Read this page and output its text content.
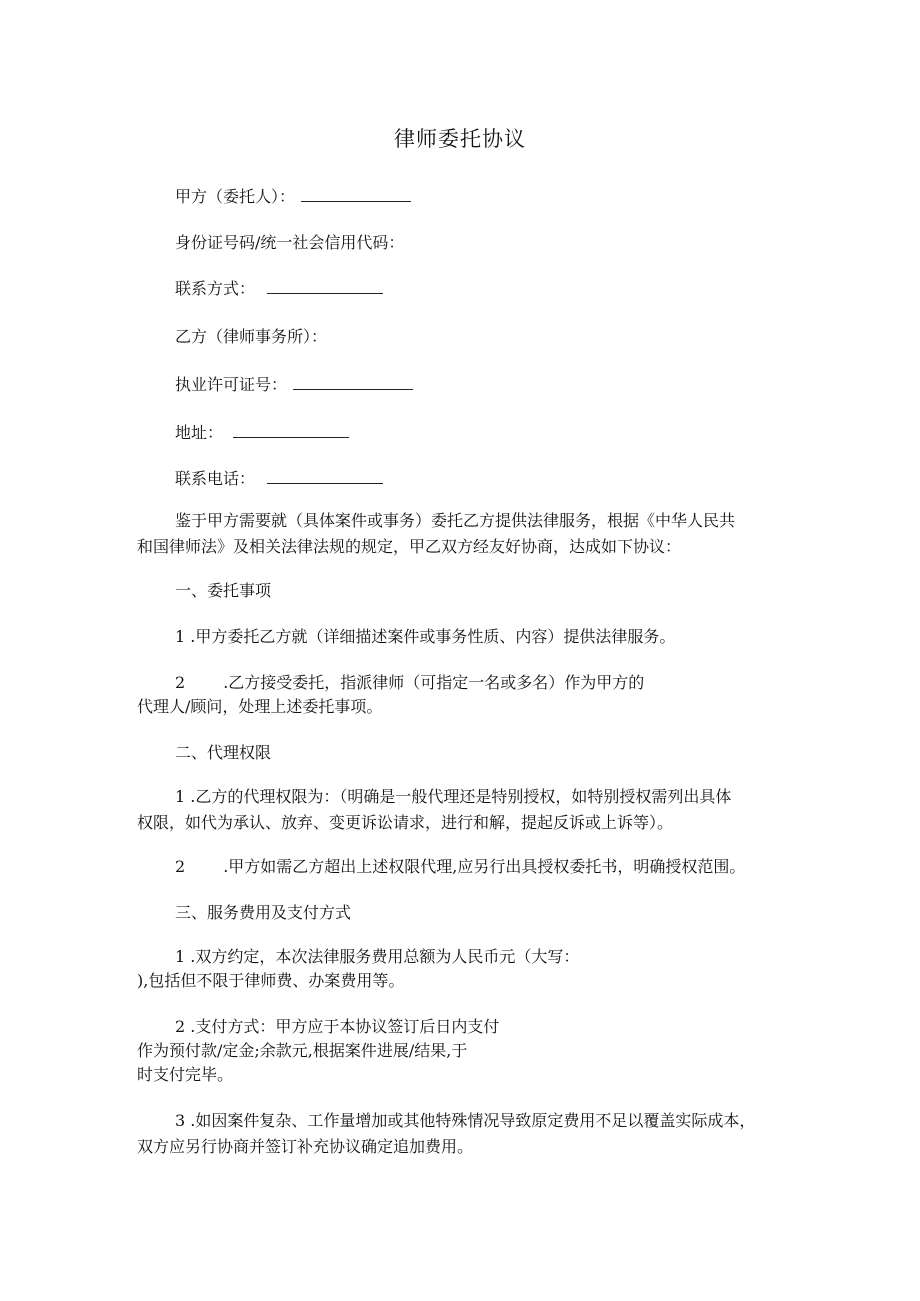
律师委托协议
甲方（委托人）：
身份证号码/统一社会信用代码：
联系方式：
乙方（律师事务所）：
执业许可证号：
地址：
联系电话：
鉴于甲方需要就（具体案件或事务）委托乙方提供法律服务，根据《中华人民共
和国律师法》及相关法律法规的规定，甲乙双方经友好协商，达成如下协议：
一、委托事项
1 .甲方委托乙方就（详细描述案件或事务性质、内容）提供法律服务。
2 .乙方接受委托，指派律师（可指定一名或多名）作为甲方的
代理人/顾问，处理上述委托事项。
二、代理权限
1 .乙方的代理权限为：（明确是一般代理还是特别授权，如特别授权需列出具体
权限，如代为承认、放弃、变更诉讼请求，进行和解，提起反诉或上诉等）。
2 .甲方如需乙方超出上述权限代理,应另行出具授权委托书，明确授权范围。
三、服务费用及支付方式
1 .双方约定，本次法律服务费用总额为人民币元（大写：
),包括但不限于律师费、办案费用等。
2 .支付方式：甲方应于本协议签订后日内支付
作为预付款/定金;余款元,根据案件进展/结果,于
时支付完毕。
3 .如因案件复杂、工作量增加或其他特殊情况导致原定费用不足以覆盖实际成本，
双方应另行协商并签订补充协议确定追加费用。
